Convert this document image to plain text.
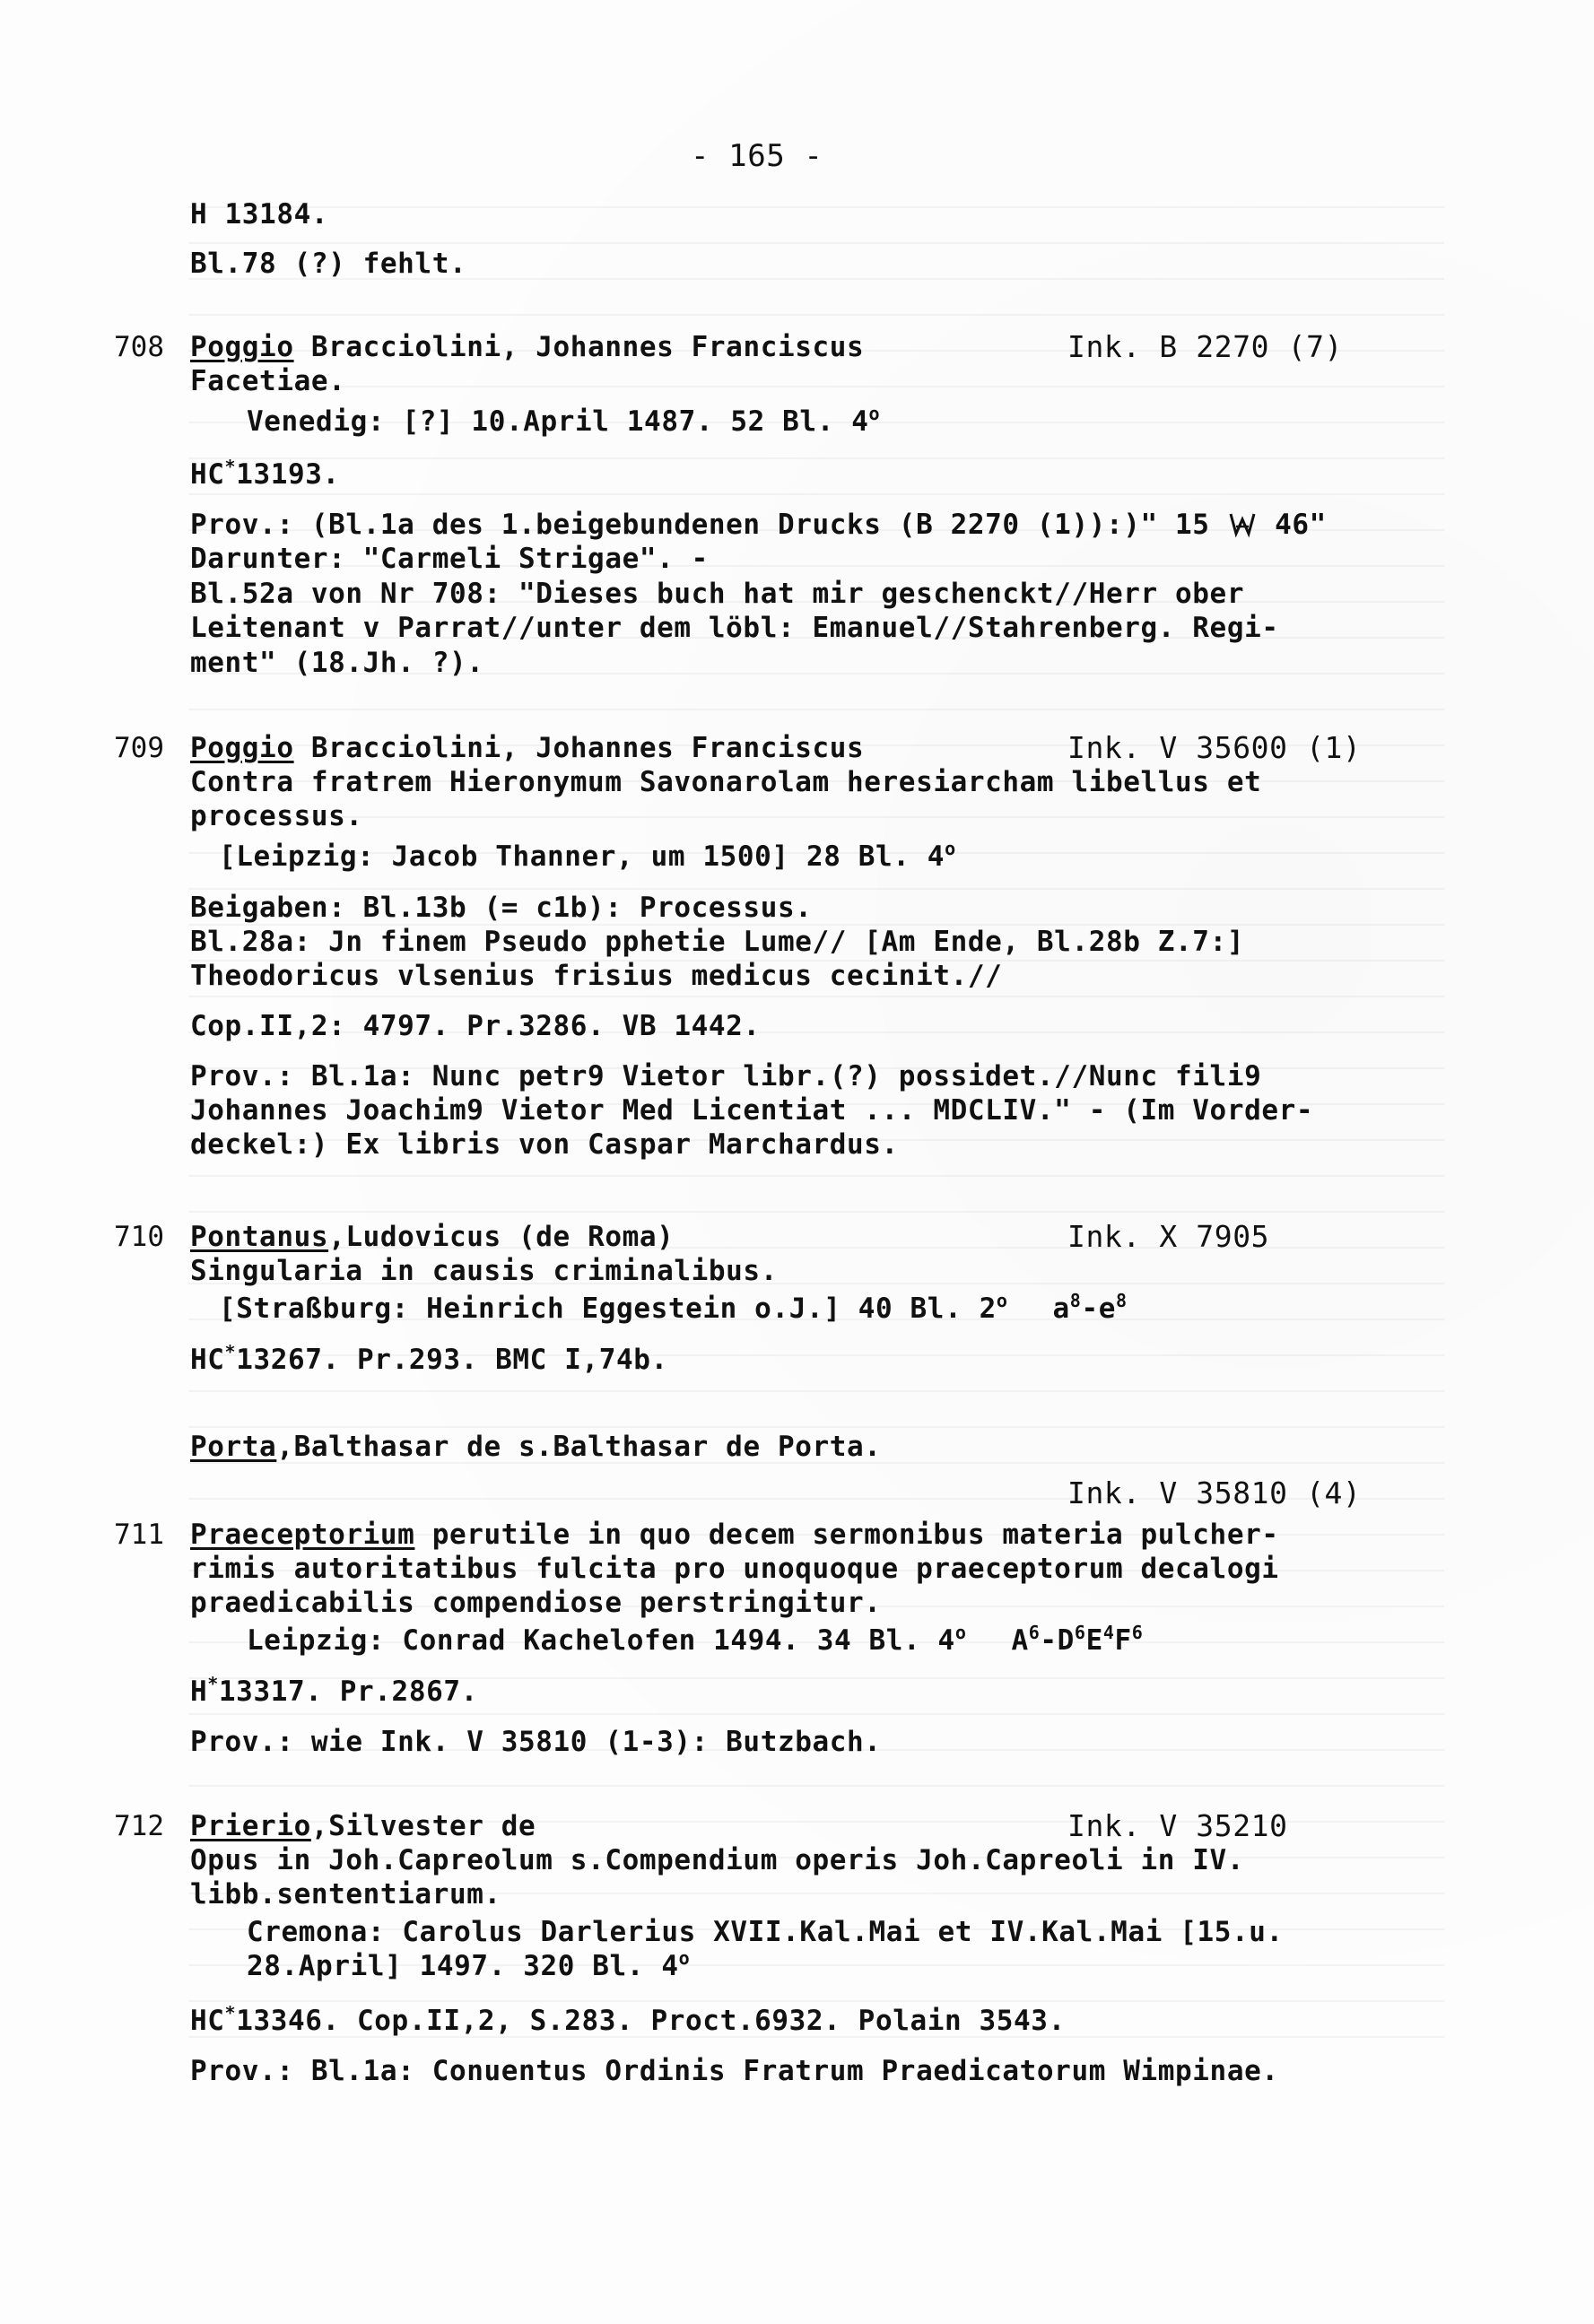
- 165 -
H 13184.
Bl.78 (?) fehlt.
708 Poggio Bracciolini, Johannes Franciscus	Ink. B 2270 (7)
Facetiae.
Venedig: [?] 10.April 1487. 52 Bl. 4$^o$
HC*13193.
Prov.: (Bl.1a des 1.beigebundenen Drucks (B 2270 (1)):)" 15  46"
Darunter: "Carmeli Strigae". -
Bl.52a von Nr 708: "Dieses buch hat mir geschenckt//Herr ober
Leitenant v Parrat//unter dem löbl: Emanuel//Stahrenberg. Regi-
ment" (18.Jh. ?).
709 Poggio Bracciolini, Johannes Franciscus	Ink. V 35600 (1)
Contra fratrem Hieronymum Savonarolam heresiarcham libellus et
processus.
[Leipzig: Jacob Thanner, um 1500] 28 Bl. 4$^o$
Beigaben: Bl.13b (= c1b): Processus.
Bl.28a: Jn finem Pseudo pphetie Lume// [Am Ende, Bl.28b Z.7:]
Theodoricus vlsenius frisius medicus cecinit.//
Cop.II,2: 4797. Pr.3286. VB 1442.
Prov.: Bl.1a: Nunc petr9 Vietor libr.(?) possidet.//Nunc fili9
Johannes Joachim9 Vietor Med Licentiat ... MDCLIV." - (Im Vorder-
deckel:) Ex libris von Caspar Marchardus.
710 Pontanus,Ludovicus (de Roma)	Ink. X 7905
Singularia in causis criminalibus.
[Straßburg: Heinrich Eggestein o.J.] 40 Bl. 2$^o$ $a^8-e^8$
HC*13267. Pr.293. BMC I,74b.
Porta,Balthasar de s.Balthasar de Porta.
Ink. V 35810 (4)
711 Praeceptorium perutile in quo decem sermonibus materia pulcher-
rimis autoritatibus fulcita pro unoquoque praeceptorum decalogi
praedicabilis compendiose perstringitur.
Leipzig: Conrad Kachelofen 1494. 34 Bl. 4$^o$ $A^6-D^6E^4F^6$
H*13317. Pr.2867.
Prov.: wie Ink. V 35810 (1-3): Butzbach.
712 Prierio,Silvester de	Ink. V 35210
Opus in Joh.Capreolum s.Compendium operis Joh.Capreoli in IV.
libb.sententiarum.
Cremona: Carolus Darlerius XVII.Kal.Mai et IV.Kal.Mai [15.u.
28.April] 1497. 320 Bl. 4$^o$
HC*13346. Cop.II,2, S.283. Proct.6932. Polain 3543.
Prov.: Bl.1a: Conuentus Ordinis Fratrum Praedicatorum Wimpinae.
